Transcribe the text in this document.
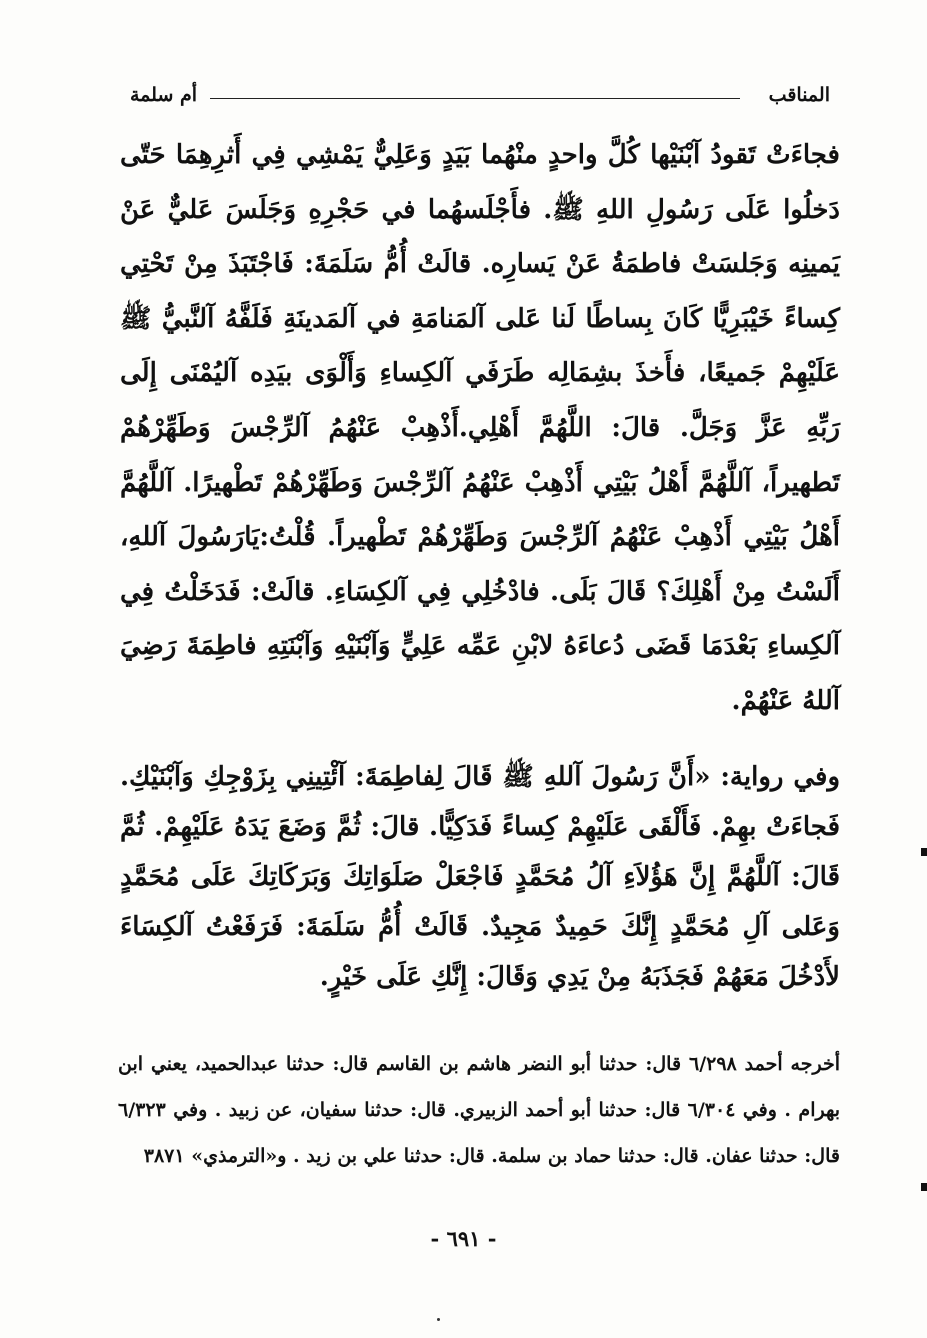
المناقب
أم سلمة

فجاءَتْ تَقودُ آبْنَيْها كُلَّ واحدٍ منْهُما بَيَدٍ وَعَلِيٌّ يَمْشِي فِي أَثرِهِمَا حَتّى دَخلُوا عَلَى رَسُولِ اللهِ ﷺ. فأَجْلَسهُما في حَجْرِهِ وَجَلَسَ عَليٌّ عَنْ يَمينِه وَجَلسَتْ فاطمَةُ عَنْ يَسارِه. قالَتْ أُمُّ سَلَمَةَ: فَاجْتَبَذَ مِنْ تَحْتِي كِساءً خَيْبَرِيًّا كَانَ بِساطًا لَنا عَلى آلمَنامَةِ في آلمَدينَةِ فَلَفَّهُ آلنَّبيُّ ﷺ عَلَيْهِمْ جَميعًا، فأَخذَ بشِمَالِه طَرَفَي آلكِساءِ وَأَلْوَى بيَدِه آليُمْنَى إِلَى رَبِّهِ عَزَّ وَجَلَّ. قالَ: اللَّهُمَّ أَهْلِي.أَذْهِبْ عَنْهُمُ آلرِّجْسَ وَطَهِّرْهُمْ تَطهيراً، آللَّهُمَّ أَهْلُ بَيْتِي أَذْهِبْ عَنْهُمُ آلرِّجْسَ وَطَهِّرْهُمْ تَطْهيرًا. آللَّهُمَّ أَهْلُ بَيْتِي أَذْهِبْ عَنْهُمُ آلرِّجْسَ وَطَهِّرْهُمْ تَطْهيراً. قُلْتُ:يَارَسُولَ آللهِ، أَلَسْتُ مِنْ أَهْلِكَ؟ قَالَ بَلَى. فادْخُلِي فِي آلكِسَاءِ. قالَتْ: فَدَخَلْتُ فِي آلكِساءِ بَعْدَمَا قَضَى دُعاءَهُ لابْنِ عَمِّه عَلِيٍّ وَآبْنَيْهِ وَآبْنَتِهِ فاطِمَةَ رَضِيَ آللهُ عَنْهُمْ.

وفي رواية: «أَنَّ رَسُولَ آللهِ ﷺ قَالَ لِفاطِمَةَ: آئْتِينِي بِزَوْجِكِ وَآبْنَيْكِ. فَجاءَتْ بهِمْ. فَأَلْقَى عَلَيْهِمْ كِساءً فَدَكِيًّا. قالَ: ثُمَّ وَضَعَ يَدَهُ عَلَيْهِمْ. ثُمَّ قَالَ: آللَّهُمَّ إِنَّ هَؤُلاَءِ آلُ مُحَمَّدٍ فَاجْعَلْ صَلَوَاتِكَ وَبَرَكَاتِكَ عَلَى مُحَمَّدٍ وَعَلى آلِ مُحَمَّدٍ إِنَّكَ حَمِيدٌ مَجِيدٌ. قَالَتْ أُمُّ سَلَمَةَ: فَرَفَعْتُ آلكِسَاءَ لأَدْخُلَ مَعَهُمْ فَجَذَبَهُ مِنْ يَدِي وَقَالَ: إِنَّكِ عَلَى خَيْرٍ.

أخرجه أحمد ٦/٢٩٨ قال: حدثنا أبو النضر هاشم بن القاسم قال: حدثنا عبدالحميد، يعني ابن بهرام . وفي ٦/٣٠٤ قال: حدثنا أبو أحمد الزبيري. قال: حدثنا سفيان، عن زبيد . وفي ٦/٣٢٣ قال: حدثنا عفان. قال: حدثنا حماد بن سلمة. قال: حدثنا علي بن زيد . و«الترمذي» ٣٨٧١

- ٦٩١ -
